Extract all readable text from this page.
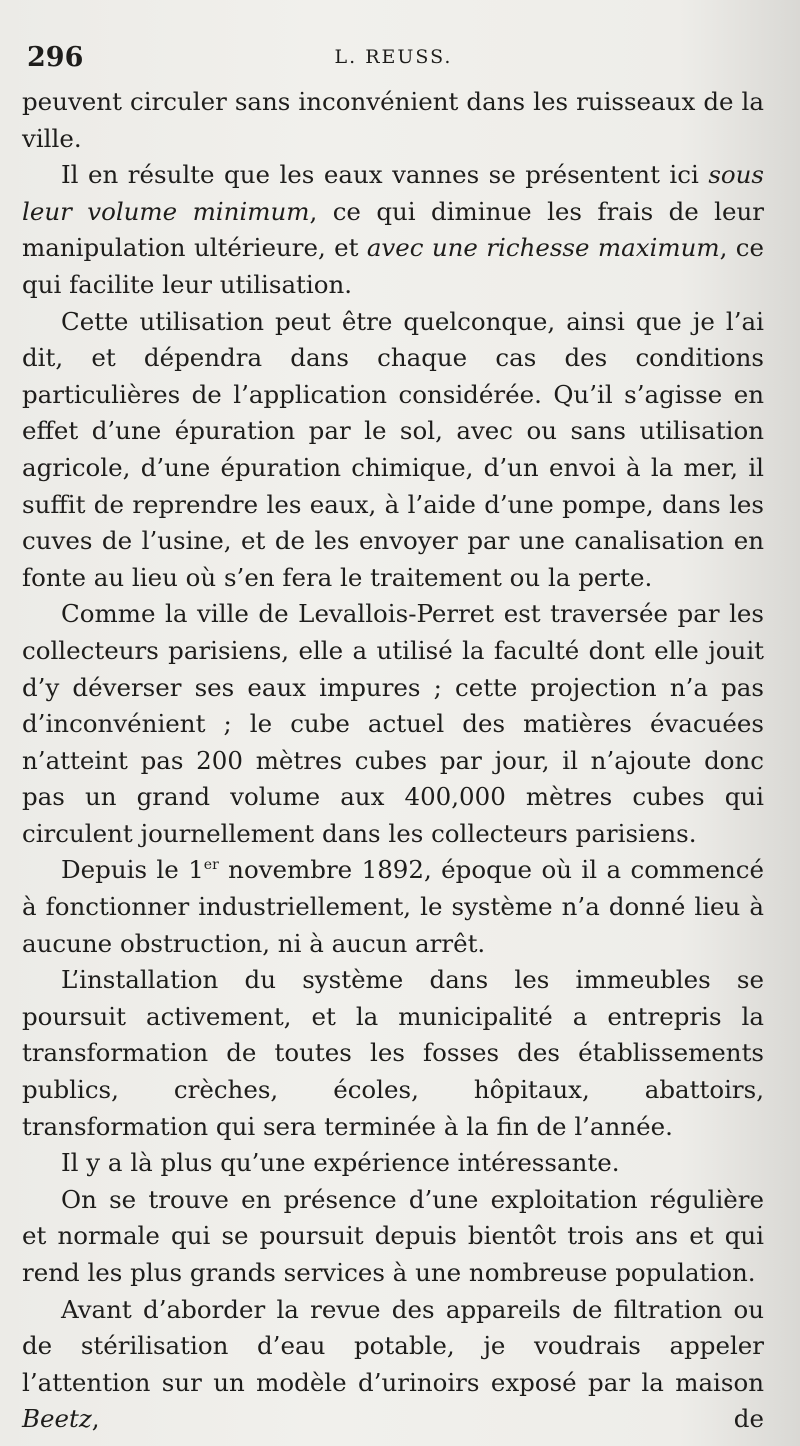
296	L. REUSS.

peuvent circuler sans inconvénient dans les ruisseaux de la ville.

Il en résulte que les eaux vannes se présentent ici sous leur volume minimum, ce qui diminue les frais de leur manipulation ultérieure, et avec une richesse maximum, ce qui facilite leur utilisation.

Cette utilisation peut être quelconque, ainsi que je l’ai dit, et dépendra dans chaque cas des conditions particulières de l’application considérée. Qu’il s’agisse en effet d’une épuration par le sol, avec ou sans utilisation agricole, d’une épuration chimique, d’un envoi à la mer, il suffit de reprendre les eaux, à l’aide d’une pompe, dans les cuves de l’usine, et de les envoyer par une canalisation en fonte au lieu où s’en fera le traitement ou la perte.

Comme la ville de Levallois-Perret est traversée par les collecteurs parisiens, elle a utilisé la faculté dont elle jouit d’y déverser ses eaux impures ; cette projection n’a pas d’inconvénient ; le cube actuel des matières évacuées n’atteint pas 200 mètres cubes par jour, il n’ajoute donc pas un grand volume aux 400,000 mètres cubes qui circulent journellement dans les collecteurs parisiens.

Depuis le 1er novembre 1892, époque où il a commencé à fonctionner industriellement, le système n’a donné lieu à aucune obstruction, ni à aucun arrêt.

L’installation du système dans les immeubles se poursuit activement, et la municipalité a entrepris la transformation de toutes les fosses des établissements publics, crèches, écoles, hôpitaux, abattoirs, transformation qui sera terminée à la fin de l’année.

Il y a là plus qu’une expérience intéressante.

On se trouve en présence d’une exploitation régulière et normale qui se poursuit depuis bientôt trois ans et qui rend les plus grands services à une nombreuse population.

Avant d’aborder la revue des appareils de filtration ou de stérilisation d’eau potable, je voudrais appeler l’attention sur un modèle d’urinoirs exposé par la maison Beetz, de
